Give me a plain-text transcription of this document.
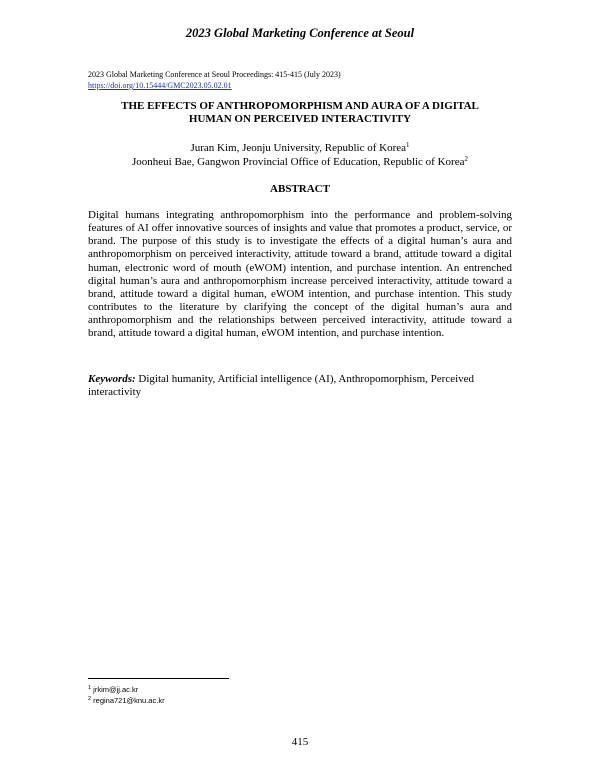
2023 Global Marketing Conference at Seoul
2023 Global Marketing Conference at Seoul Proceedings: 415-415 (July 2023)
https://doi.org/10.15444/GMC2023.05.02.01
THE EFFECTS OF ANTHROPOMORPHISM AND AURA OF A DIGITAL
HUMAN ON PERCEIVED INTERACTIVITY
Juran Kim, Jeonju University, Republic of Korea$^1$
Joonheui Bae, Gangwon Provincial Office of Education, Republic of Korea$^2$
ABSTRACT
Digital humans integrating anthropomorphism into the performance and problem-solving features of AI offer innovative sources of insights and value that promotes a product, service, or brand. The purpose of this study is to investigate the effects of a digital human’s aura and anthropomorphism on perceived interactivity, attitude toward a brand, attitude toward a digital human, electronic word of mouth (eWOM) intention, and purchase intention. An entrenched digital human’s aura and anthropomorphism increase perceived interactivity, attitude toward a brand, attitude toward a digital human, eWOM intention, and purchase intention. This study contributes to the literature by clarifying the concept of the digital human’s aura and anthropomorphism and the relationships between perceived interactivity, attitude toward a brand, attitude toward a digital human, eWOM intention, and purchase intention.
Keywords: Digital humanity, Artificial intelligence (AI), Anthropomorphism, Perceived interactivity
$^1$ jrkim@jj.ac.kr
$^2$ regina721@knu.ac.kr
415
